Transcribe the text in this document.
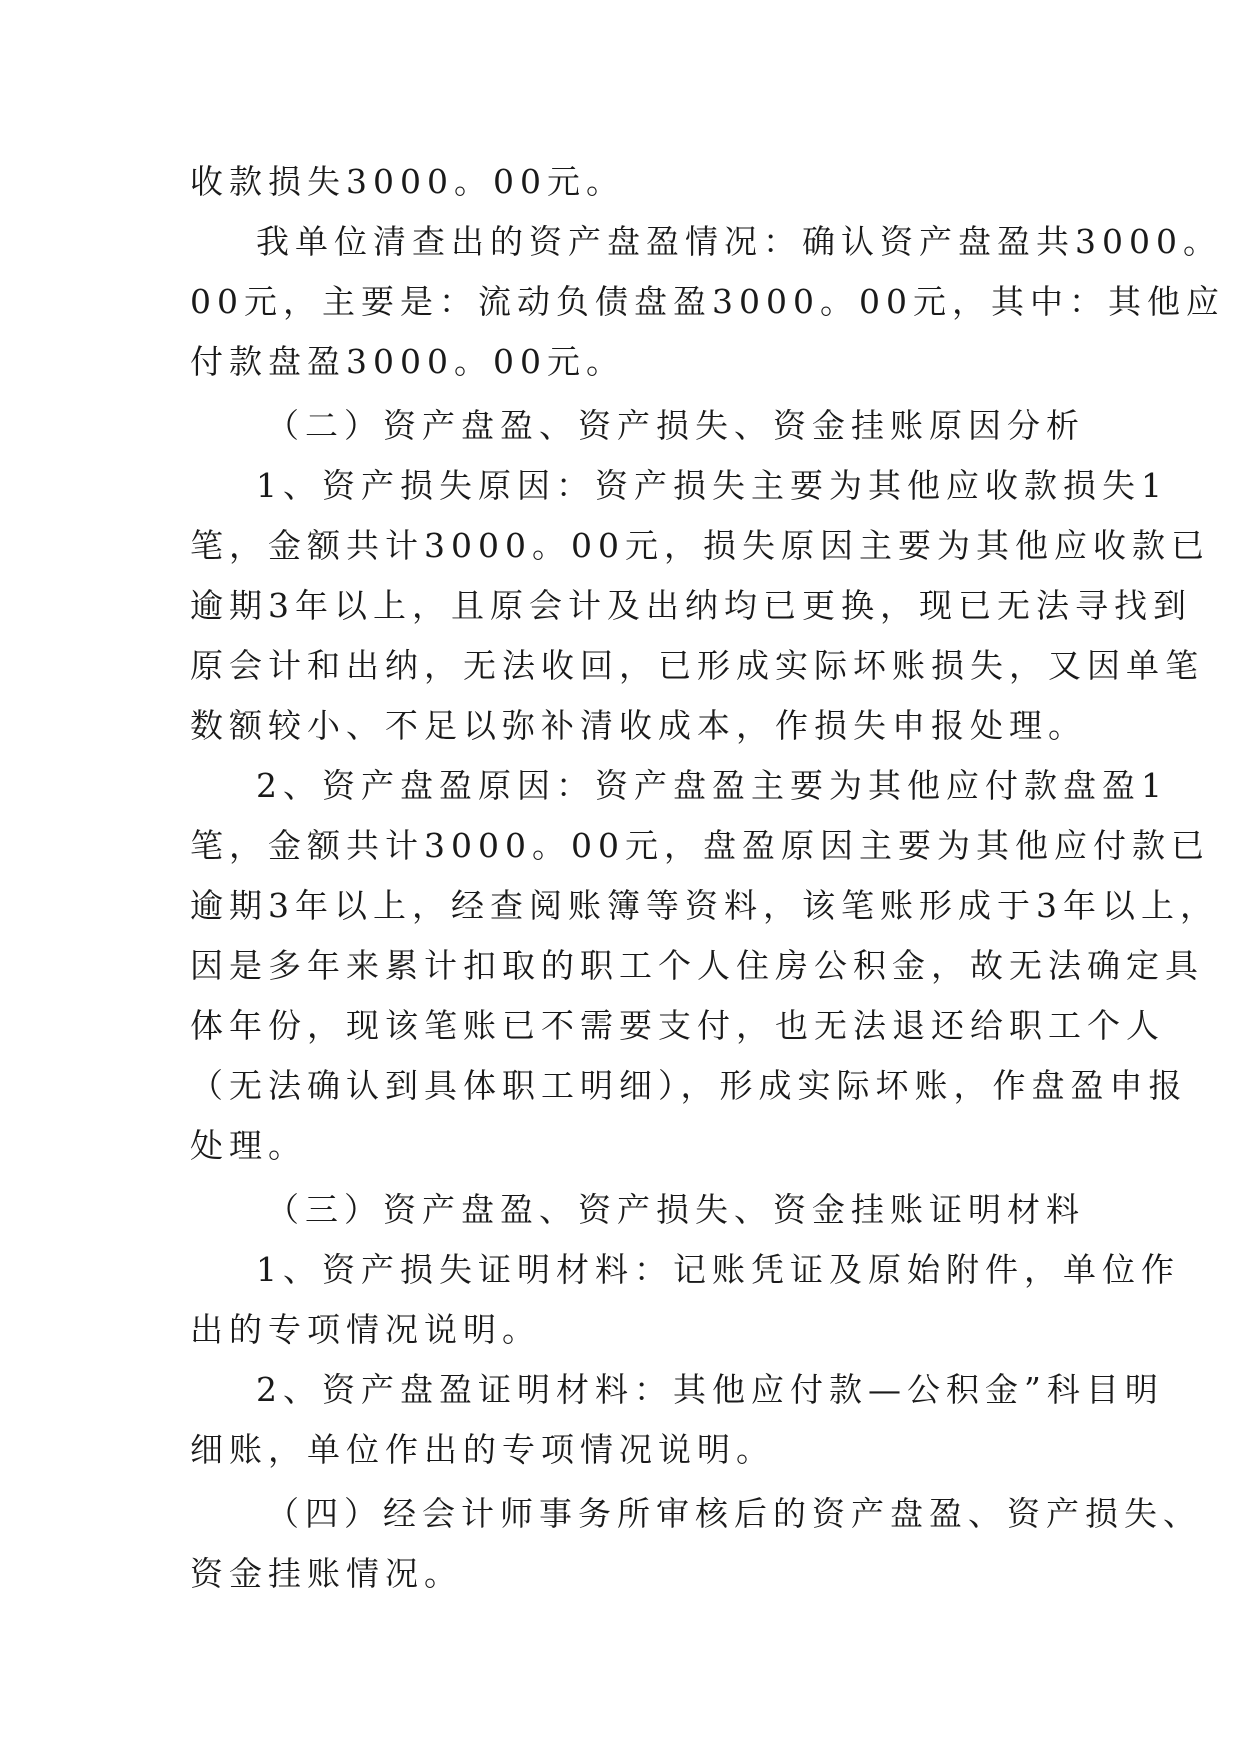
收款损失3000。00元。
我单位清查出的资产盘盈情况：确认资产盘盈共3000。
00元，主要是：流动负债盘盈3000。00元，其中：其他应
付款盘盈3000。00元。
（二）资产盘盈、资产损失、资金挂账原因分析
1、资产损失原因：资产损失主要为其他应收款损失1
笔，金额共计3000。00元，损失原因主要为其他应收款已
逾期3年以上，且原会计及出纳均已更换，现已无法寻找到
原会计和出纳，无法收回，已形成实际坏账损失，又因单笔
数额较小、不足以弥补清收成本，作损失申报处理。
2、资产盘盈原因：资产盘盈主要为其他应付款盘盈1
笔，金额共计3000。00元，盘盈原因主要为其他应付款已
逾期3年以上，经查阅账簿等资料，该笔账形成于3年以上，
因是多年来累计扣取的职工个人住房公积金，故无法确定具
体年份，现该笔账已不需要支付，也无法退还给职工个人
（无法确认到具体职工明细），形成实际坏账，作盘盈申报
处理。
（三）资产盘盈、资产损失、资金挂账证明材料
1、资产损失证明材料：记账凭证及原始附件，单位作
出的专项情况说明。
2、资产盘盈证明材料：其他应付款—公积金”科目明
细账，单位作出的专项情况说明。
（四）经会计师事务所审核后的资产盘盈、资产损失、
资金挂账情况。
